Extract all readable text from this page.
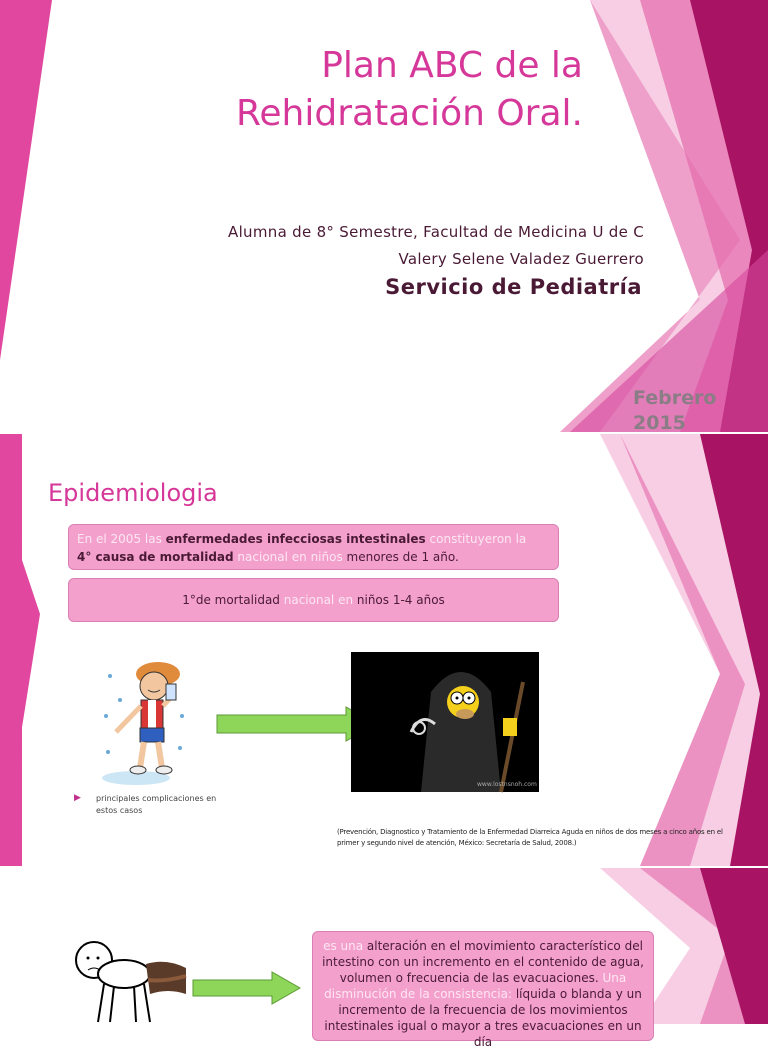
Plan ABC de la
Rehidratación Oral.
Alumna de 8° Semestre, Facultad de Medicina U de C
Valery Selene Valadez Guerrero
Servicio de Pediatría
Febrero
2015
Epidemiologia
En el 2005 las enfermedades infecciosas intestinales constituyeron la
4° causa de mortalidad nacional en niños menores de 1 año.
1°de mortalidad nacional en niños 1-4 años
www.lostnsnoh.com
▶ principales complicaciones en estos casos
(Prevención, Diagnostico y Tratamiento de la Enfermedad Diarreica Aguda en niños de dos meses a cinco años en el primer y segundo nivel de atención, México: Secretaría de Salud, 2008.)
es una alteración en el movimiento característico del intestino con un incremento en el contenido de agua, volumen o frecuencia de las evacuaciones. Una disminución de la consistencia: líquida o blanda y un incremento de la frecuencia de los movimientos intestinales igual o mayor a tres evacuaciones en un día
